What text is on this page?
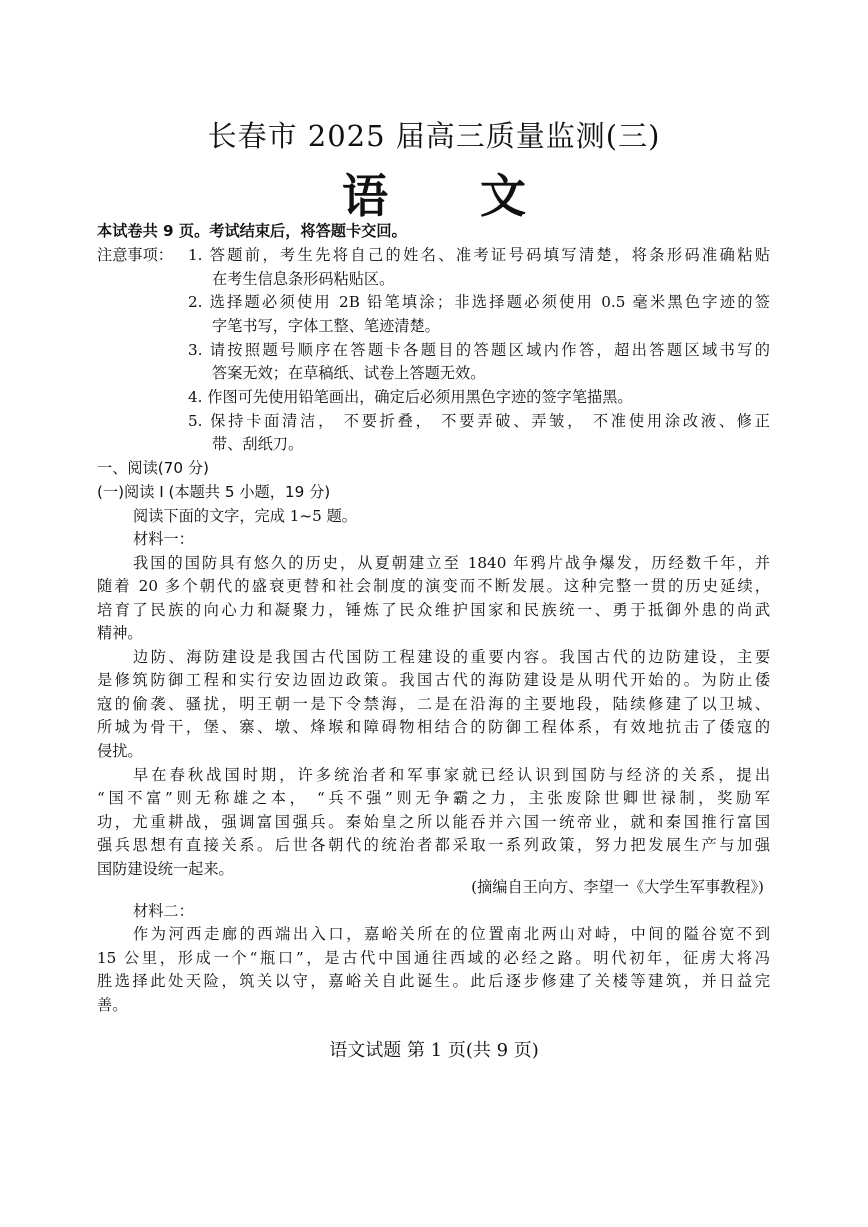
长春市 2025 届高三质量监测(三)
语 文
本试卷共 9 页。考试结束后，将答题卡交回。
注意事项： 1. 答题前，考生先将自己的姓名、准考证号码填写清楚，将条形码准确粘贴
在考生信息条形码粘贴区。
2. 选择题必须使用 2B 铅笔填涂；非选择题必须使用 0.5 毫米黑色字迹的签
字笔书写，字体工整、笔迹清楚。
3. 请按照题号顺序在答题卡各题目的答题区域内作答，超出答题区域书写的
答案无效；在草稿纸、试卷上答题无效。
4. 作图可先使用铅笔画出，确定后必须用黑色字迹的签字笔描黑。
5. 保持卡面清洁， 不要折叠， 不要弄破、弄皱， 不准使用涂改液、修正
带、刮纸刀。
一、阅读(70 分)
(一)阅读 I (本题共 5 小题，19 分)
阅读下面的文字，完成 1~5 题。
材料一：
我国的国防具有悠久的历史，从夏朝建立至 1840 年鸦片战争爆发，历经数千年，并
随着 20 多个朝代的盛衰更替和社会制度的演变而不断发展。这种完整一贯的历史延续，
培育了民族的向心力和凝聚力，锤炼了民众维护国家和民族统一、勇于抵御外患的尚武
精神。
边防、海防建设是我国古代国防工程建设的重要内容。我国古代的边防建设，主要
是修筑防御工程和实行安边固边政策。我国古代的海防建设是从明代开始的。为防止倭
寇的偷袭、骚扰，明王朝一是下令禁海，二是在沿海的主要地段，陆续修建了以卫城、
所城为骨干，堡、寨、墩、烽堠和障碍物相结合的防御工程体系，有效地抗击了倭寇的
侵扰。
早在春秋战国时期，许多统治者和军事家就已经认识到国防与经济的关系，提出
“国不富”则无称雄之本， “兵不强”则无争霸之力，主张废除世卿世禄制，奖励军
功，尤重耕战，强调富国强兵。秦始皇之所以能吞并六国一统帝业，就和秦国推行富国
强兵思想有直接关系。后世各朝代的统治者都采取一系列政策，努力把发展生产与加强
国防建设统一起来。
(摘编自王向方、李望一《大学生军事教程》)
材料二：
作为河西走廊的西端出入口，嘉峪关所在的位置南北两山对峙，中间的隘谷宽不到
15 公里，形成一个“瓶口”，是古代中国通往西域的必经之路。明代初年，征虏大将冯
胜选择此处天险，筑关以守，嘉峪关自此诞生。此后逐步修建了关楼等建筑，并日益完
善。
语文试题 第 1 页(共 9 页)
